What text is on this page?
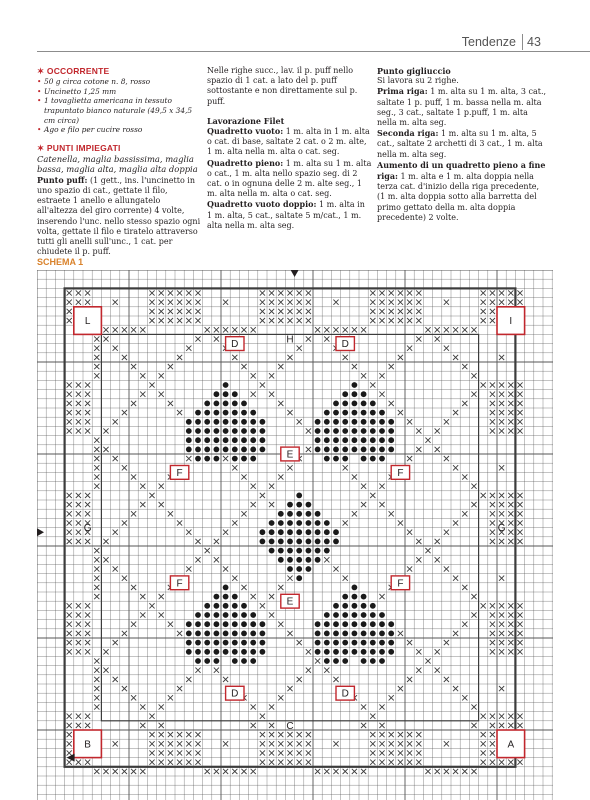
Tendenze 43
✶ OCCORRENTE
• 50 g circa cotone n. 8, rosso
• Uncinetto 1,25 mm
• 1 tovaglietta americana in tessuto trapuntato bianco naturale (49,5 x 34,5 cm circa)
• Ago e filo per cucire rosso
✶ PUNTI IMPIEGATI

Catenella, maglia bassissima, maglia bassa, maglia alta, maglia alta doppia

Punto puff: (1 gett., ins. l'uncinetto in uno spazio di cat., gettate il filo, estraete 1 anello e allungatelo all'altezza del giro corrente) 4 volte, inserendo l'unc. nello stesso spazio ogni volta, gettate il filo e tiratelo attraverso tutti gli anelli sull'unc., 1 cat. per chiudete il p. puff.

Nelle righe succ., lav. il p. puff nello spazio di 1 cat. a lato del p. puff sottostante e non direttamente sul p. puff.

Lavorazione Filet

Quadretto vuoto: 1 m. alta in 1 m. alta o cat. di base, saltate 2 cat. o 2 m. alte, 1 m. alta nella m. alta o cat. seg.

Quadretto pieno: 1 m. alta su 1 m. alta o cat., 1 m. alta nello spazio seg. di 2 cat. o in ognuna delle 2 m. alte seg., 1 m. alta nella m. alta o cat. seg.

Quadretto vuoto doppio: 1 m. alta in 1 m. alta, 5 cat., saltate 5 m/cat., 1 m. alta nella m. alta seg.

Punto gigliuccio

Si lavora su 2 righe.

Prima riga: 1 m. alta su 1 m. alta, 3 cat., saltate 1 p. puff, 1 m. bassa nella m. alta seg., 3 cat., saltate 1 p.puff, 1 m. alta nella m. alta seg.

Seconda riga: 1 m. alta su 1 m. alta, 5 cat., saltate 2 archetti di 3 cat., 1 m. alta nella m. alta seg.

Aumento di un quadretto pieno a fine riga: 1 m. alta e 1 m. alta doppia nella terza cat. d'inizio della riga precedente, (1 m. alta doppia sotto alla barretta del primo gettato della m. alta doppia precedente) 2 volte.

SCHEMA 1
A
B
C
D	D
D	D
E
E
F	F
F	F
G	G
H
I
L
